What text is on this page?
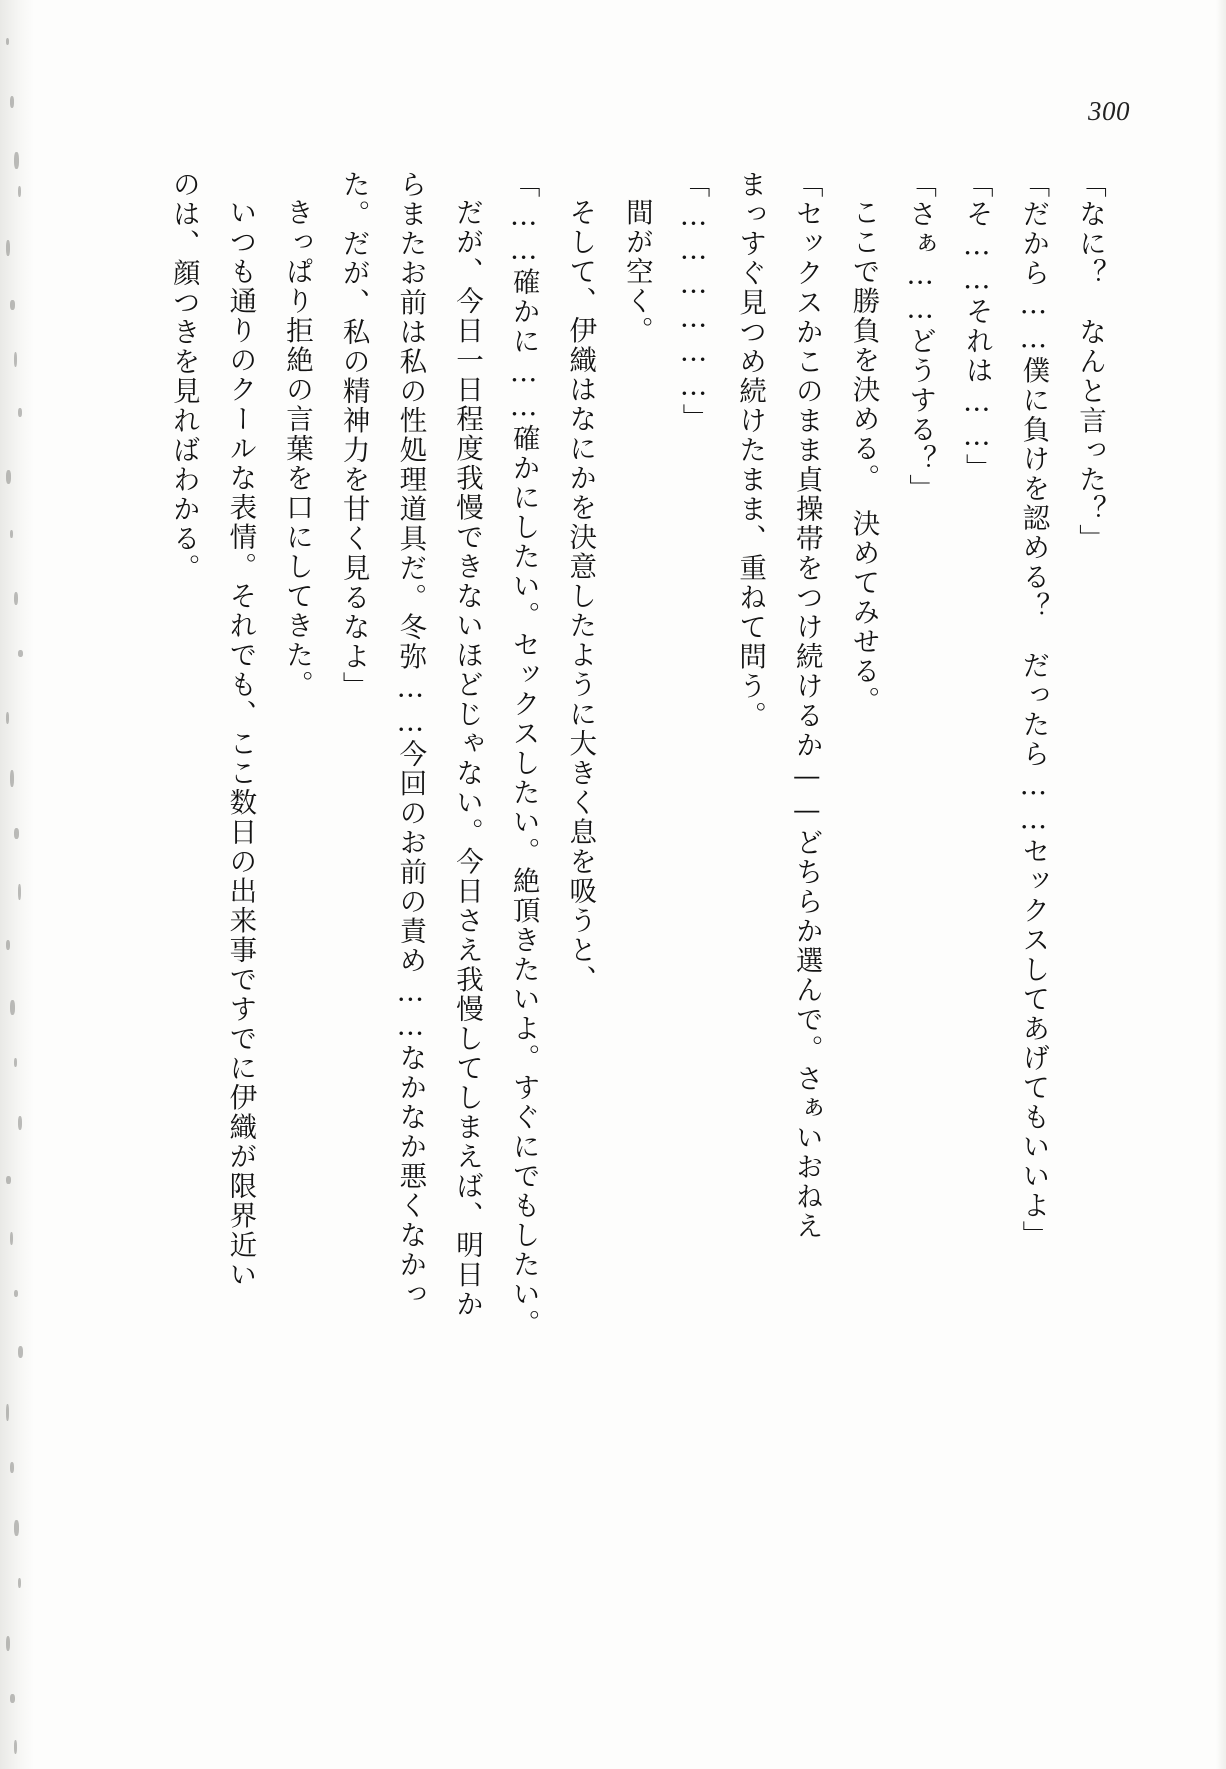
300

「なに？　なんと言った？」

「だから……僕に負けを認める？　だったら……セックスしてあげてもいいよ」

「そ……それは……」

「さぁ……どうする？」

ここで勝負を決める。　決めてみせる。

「セックスかこのまま貞操帯をつけ続けるか——どちらか選んで。さぁいおねえ

まっすぐ見つめ続けたまま、重ねて問う。

「………………」

間が空く。

そして、伊織はなにかを決意したように大きく息を吸うと、

「……確かに……確かにしたい。セックスしたい。絶頂きたいよ。すぐにでもしたい。

だが、今日一日程度我慢できないほどじゃない。今日さえ我慢してしまえば、明日か

らまたお前は私の性処理道具だ。冬弥……今回のお前の責め……なかなか悪くなかっ

た。だが、私の精神力を甘く見るなよ」

きっぱり拒絶の言葉を口にしてきた。

いつも通りのクールな表情。それでも、ここ数日の出来事ですでに伊織が限界近い

のは、顔つきを見ればわかる。
